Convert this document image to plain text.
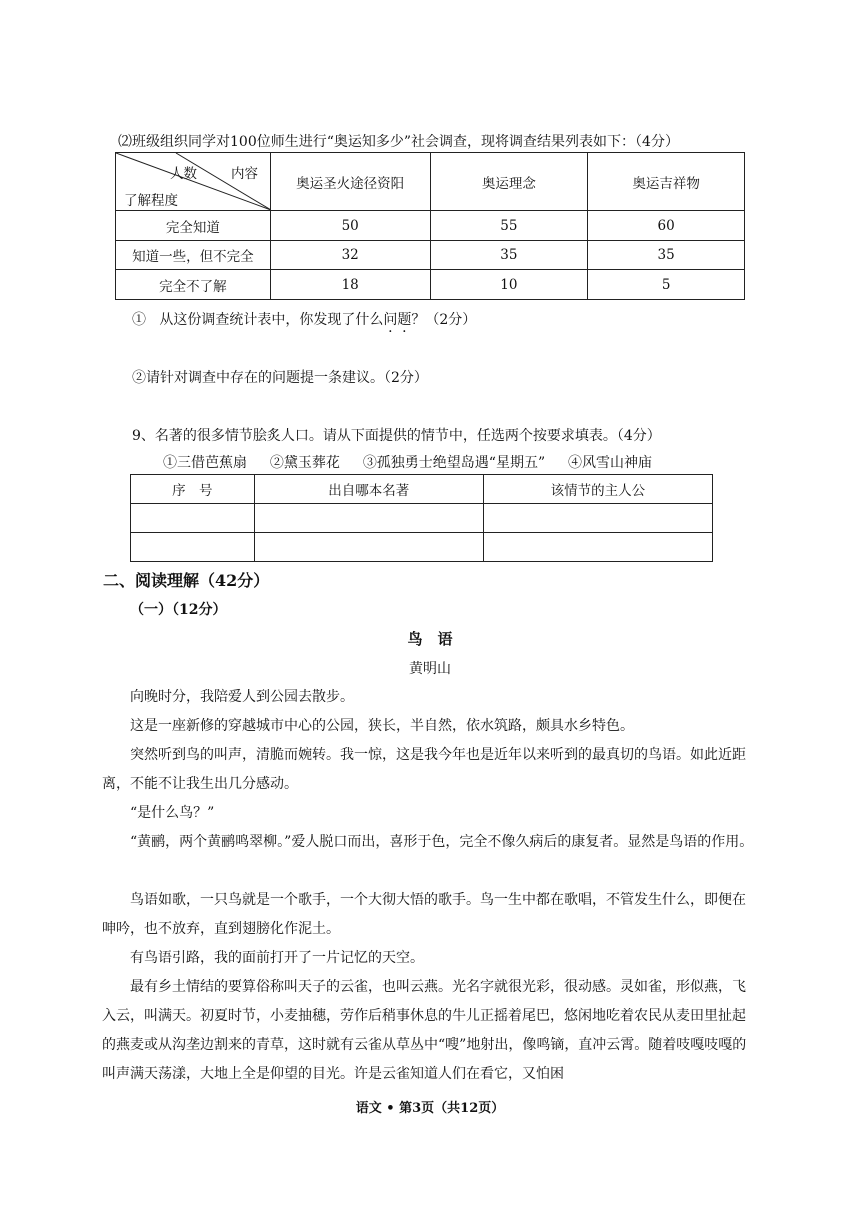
⑵班级组织同学对100位师生进行“奥运知多少”社会调查，现将调查结果列表如下：（4分）
人数 内容
了解程度	奥运圣火途径资阳	奥运理念	奥运吉祥物
完全知道	50	55	60
知道一些，但不完全	32	35	35
完全不了解	18	10	5
① 从这份调查统计表中，你发现了什么问题？（2分）
②请针对调查中存在的问题提一条建议。（2分）
9、名著的很多情节脍炙人口。请从下面提供的情节中，任选两个按要求填表。（4分）
①三借芭蕉扇 ②黛玉葬花 ③孤独勇士绝望岛遇“星期五” ④风雪山神庙
序　号	出自哪本名著	该情节的主人公

二、阅读理解（42分）
（一）（12分）
鸟　语
黄明山
向晚时分，我陪爱人到公园去散步。
这是一座新修的穿越城市中心的公园，狭长，半自然，依水筑路，颇具水乡特色。
突然听到鸟的叫声，清脆而婉转。我一惊，这是我今年也是近年以来听到的最真切的鸟语。如此近距离，不能不让我生出几分感动。
“是什么鸟？”
“黄鹂，两个黄鹂鸣翠柳。”爱人脱口而出，喜形于色，完全不像久病后的康复者。显然是鸟语的作用。
鸟语如歌，一只鸟就是一个歌手，一个大彻大悟的歌手。鸟一生中都在歌唱，不管发生什么，即便在呻吟，也不放弃，直到翅膀化作泥土。
有鸟语引路，我的面前打开了一片记忆的天空。
最有乡土情结的要算俗称叫天子的云雀，也叫云燕。光名字就很光彩，很动感。灵如雀，形似燕，飞入云，叫满天。初夏时节，小麦抽穗，劳作后稍事休息的牛儿正摇着尾巴，悠闲地吃着农民从麦田里扯起的燕麦或从沟垄边割来的青草，这时就有云雀从草丛中“嗖”地射出，像鸣镝，直冲云霄。随着吱嘎吱嘎的叫声满天荡漾，大地上全是仰望的目光。许是云雀知道人们在看它，又怕困
语文 • 第3页（共12页）
